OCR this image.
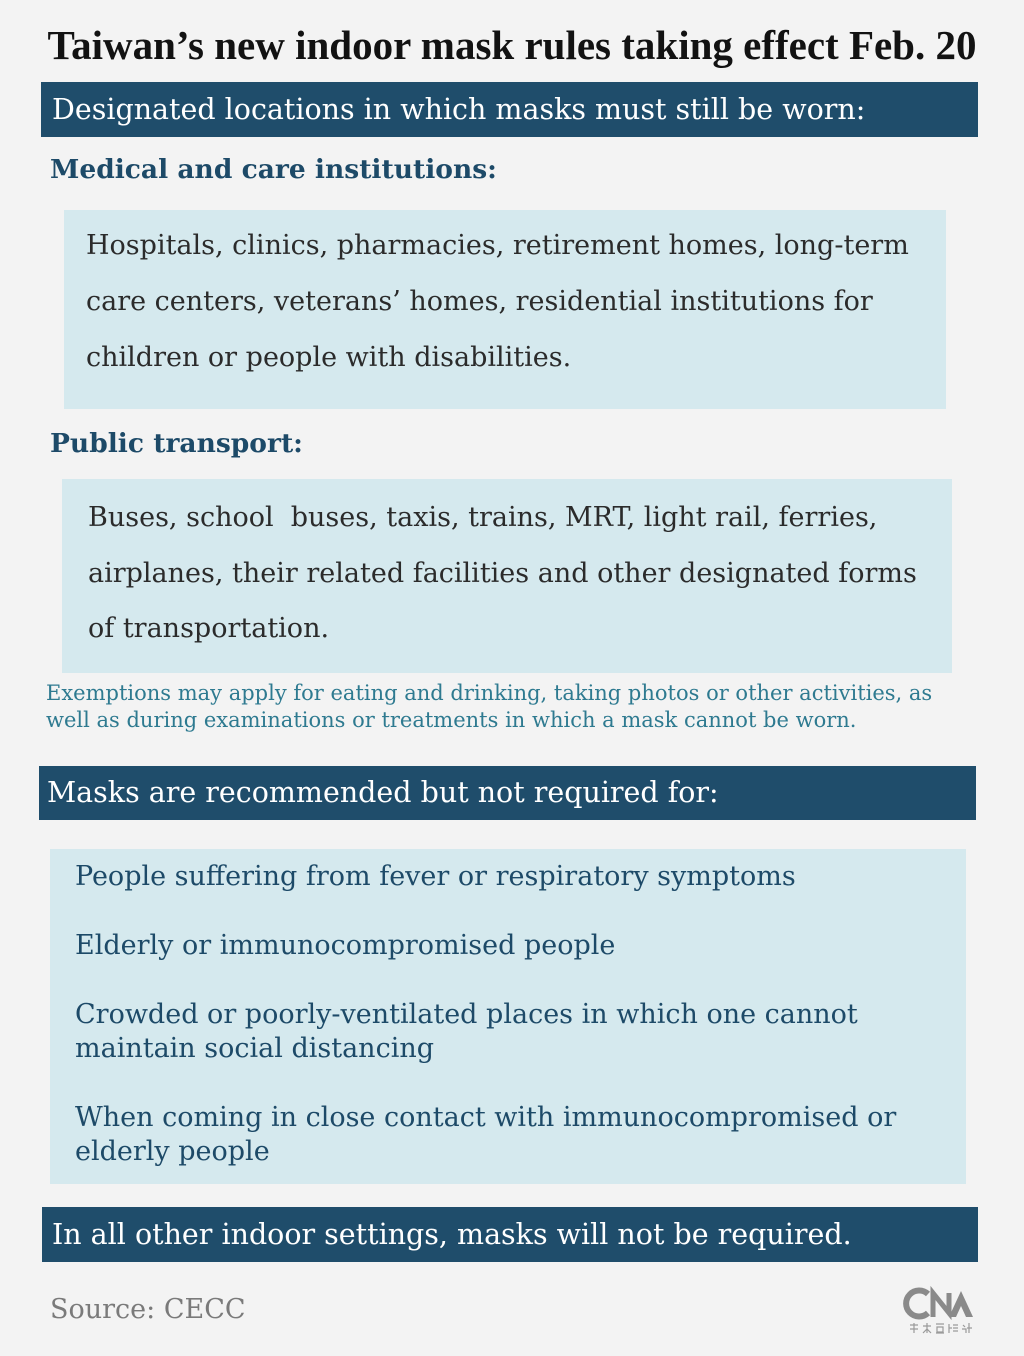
Taiwan’s new indoor mask rules taking effect Feb. 20
Designated locations in which masks must still be worn:
Medical and care institutions:
Hospitals, clinics, pharmacies, retirement homes, long-term
care centers, veterans’ homes, residential institutions for
children or people with disabilities.
Public transport:
Buses, school  buses, taxis, trains, MRT, light rail, ferries,
airplanes, their related facilities and other designated forms
of transportation.
Exemptions may apply for eating and drinking, taking photos or other activities, as
well as during examinations or treatments in which a mask cannot be worn.
Masks are recommended but not required for:
People suffering from fever or respiratory symptoms
Elderly or immunocompromised people
Crowded or poorly-ventilated places in which one cannot
maintain social distancing
When coming in close contact with immunocompromised or
elderly people
In all other indoor settings, masks will not be required.
Source: CECC
